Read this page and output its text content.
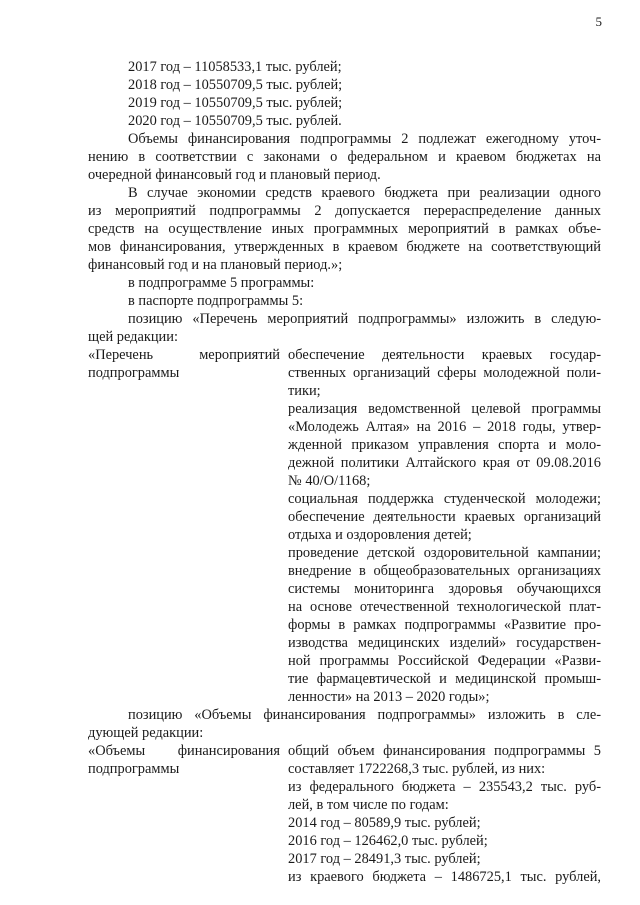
5
2017 год – 11058533,1 тыс. рублей;
2018 год – 10550709,5 тыс. рублей;
2019 год – 10550709,5 тыс. рублей;
2020 год – 10550709,5 тыс. рублей.
Объемы финансирования подпрограммы 2 подлежат ежегодному уточ-
нению в соответствии с законами о федеральном и краевом бюджетах на
очередной финансовый год и плановый период.
В случае экономии средств краевого бюджета при реализации одного
из мероприятий подпрограммы 2 допускается перераспределение данных
средств на осуществление иных программных мероприятий в рамках объе-
мов финансирования, утвержденных в краевом бюджете на соответствующий
финансовый год и на плановый период.»;
в подпрограмме 5 программы:
в паспорте подпрограммы 5:
позицию «Перечень мероприятий подпрограммы» изложить в следую-
щей редакции:
«Перечень мероприятий
подпрограммы
обеспечение деятельности краевых государ-
ственных организаций сферы молодежной поли-
тики;
реализация ведомственной целевой программы
«Молодежь Алтая» на 2016 – 2018 годы, утвер-
жденной приказом управления спорта и моло-
дежной политики Алтайского края от 09.08.2016
№ 40/О/1168;
социальная поддержка студенческой молодежи;
обеспечение деятельности краевых организаций
отдыха и оздоровления детей;
проведение детской оздоровительной кампании;
внедрение в общеобразовательных организациях
системы мониторинга здоровья обучающихся
на основе отечественной технологической плат-
формы в рамках подпрограммы «Развитие про-
изводства медицинских изделий» государствен-
ной программы Российской Федерации «Разви-
тие фармацевтической и медицинской промыш-
ленности» на 2013 – 2020 годы»;
позицию «Объемы финансирования подпрограммы» изложить в сле-
дующей редакции:
«Объемы финансирования
подпрограммы
общий объем финансирования подпрограммы 5
составляет 1722268,3 тыс. рублей, из них:
из федерального бюджета – 235543,2 тыс. руб-
лей, в том числе по годам:
2014 год – 80589,9 тыс. рублей;
2016 год – 126462,0 тыс. рублей;
2017 год – 28491,3 тыс. рублей;
из краевого бюджета – 1486725,1 тыс. рублей,
